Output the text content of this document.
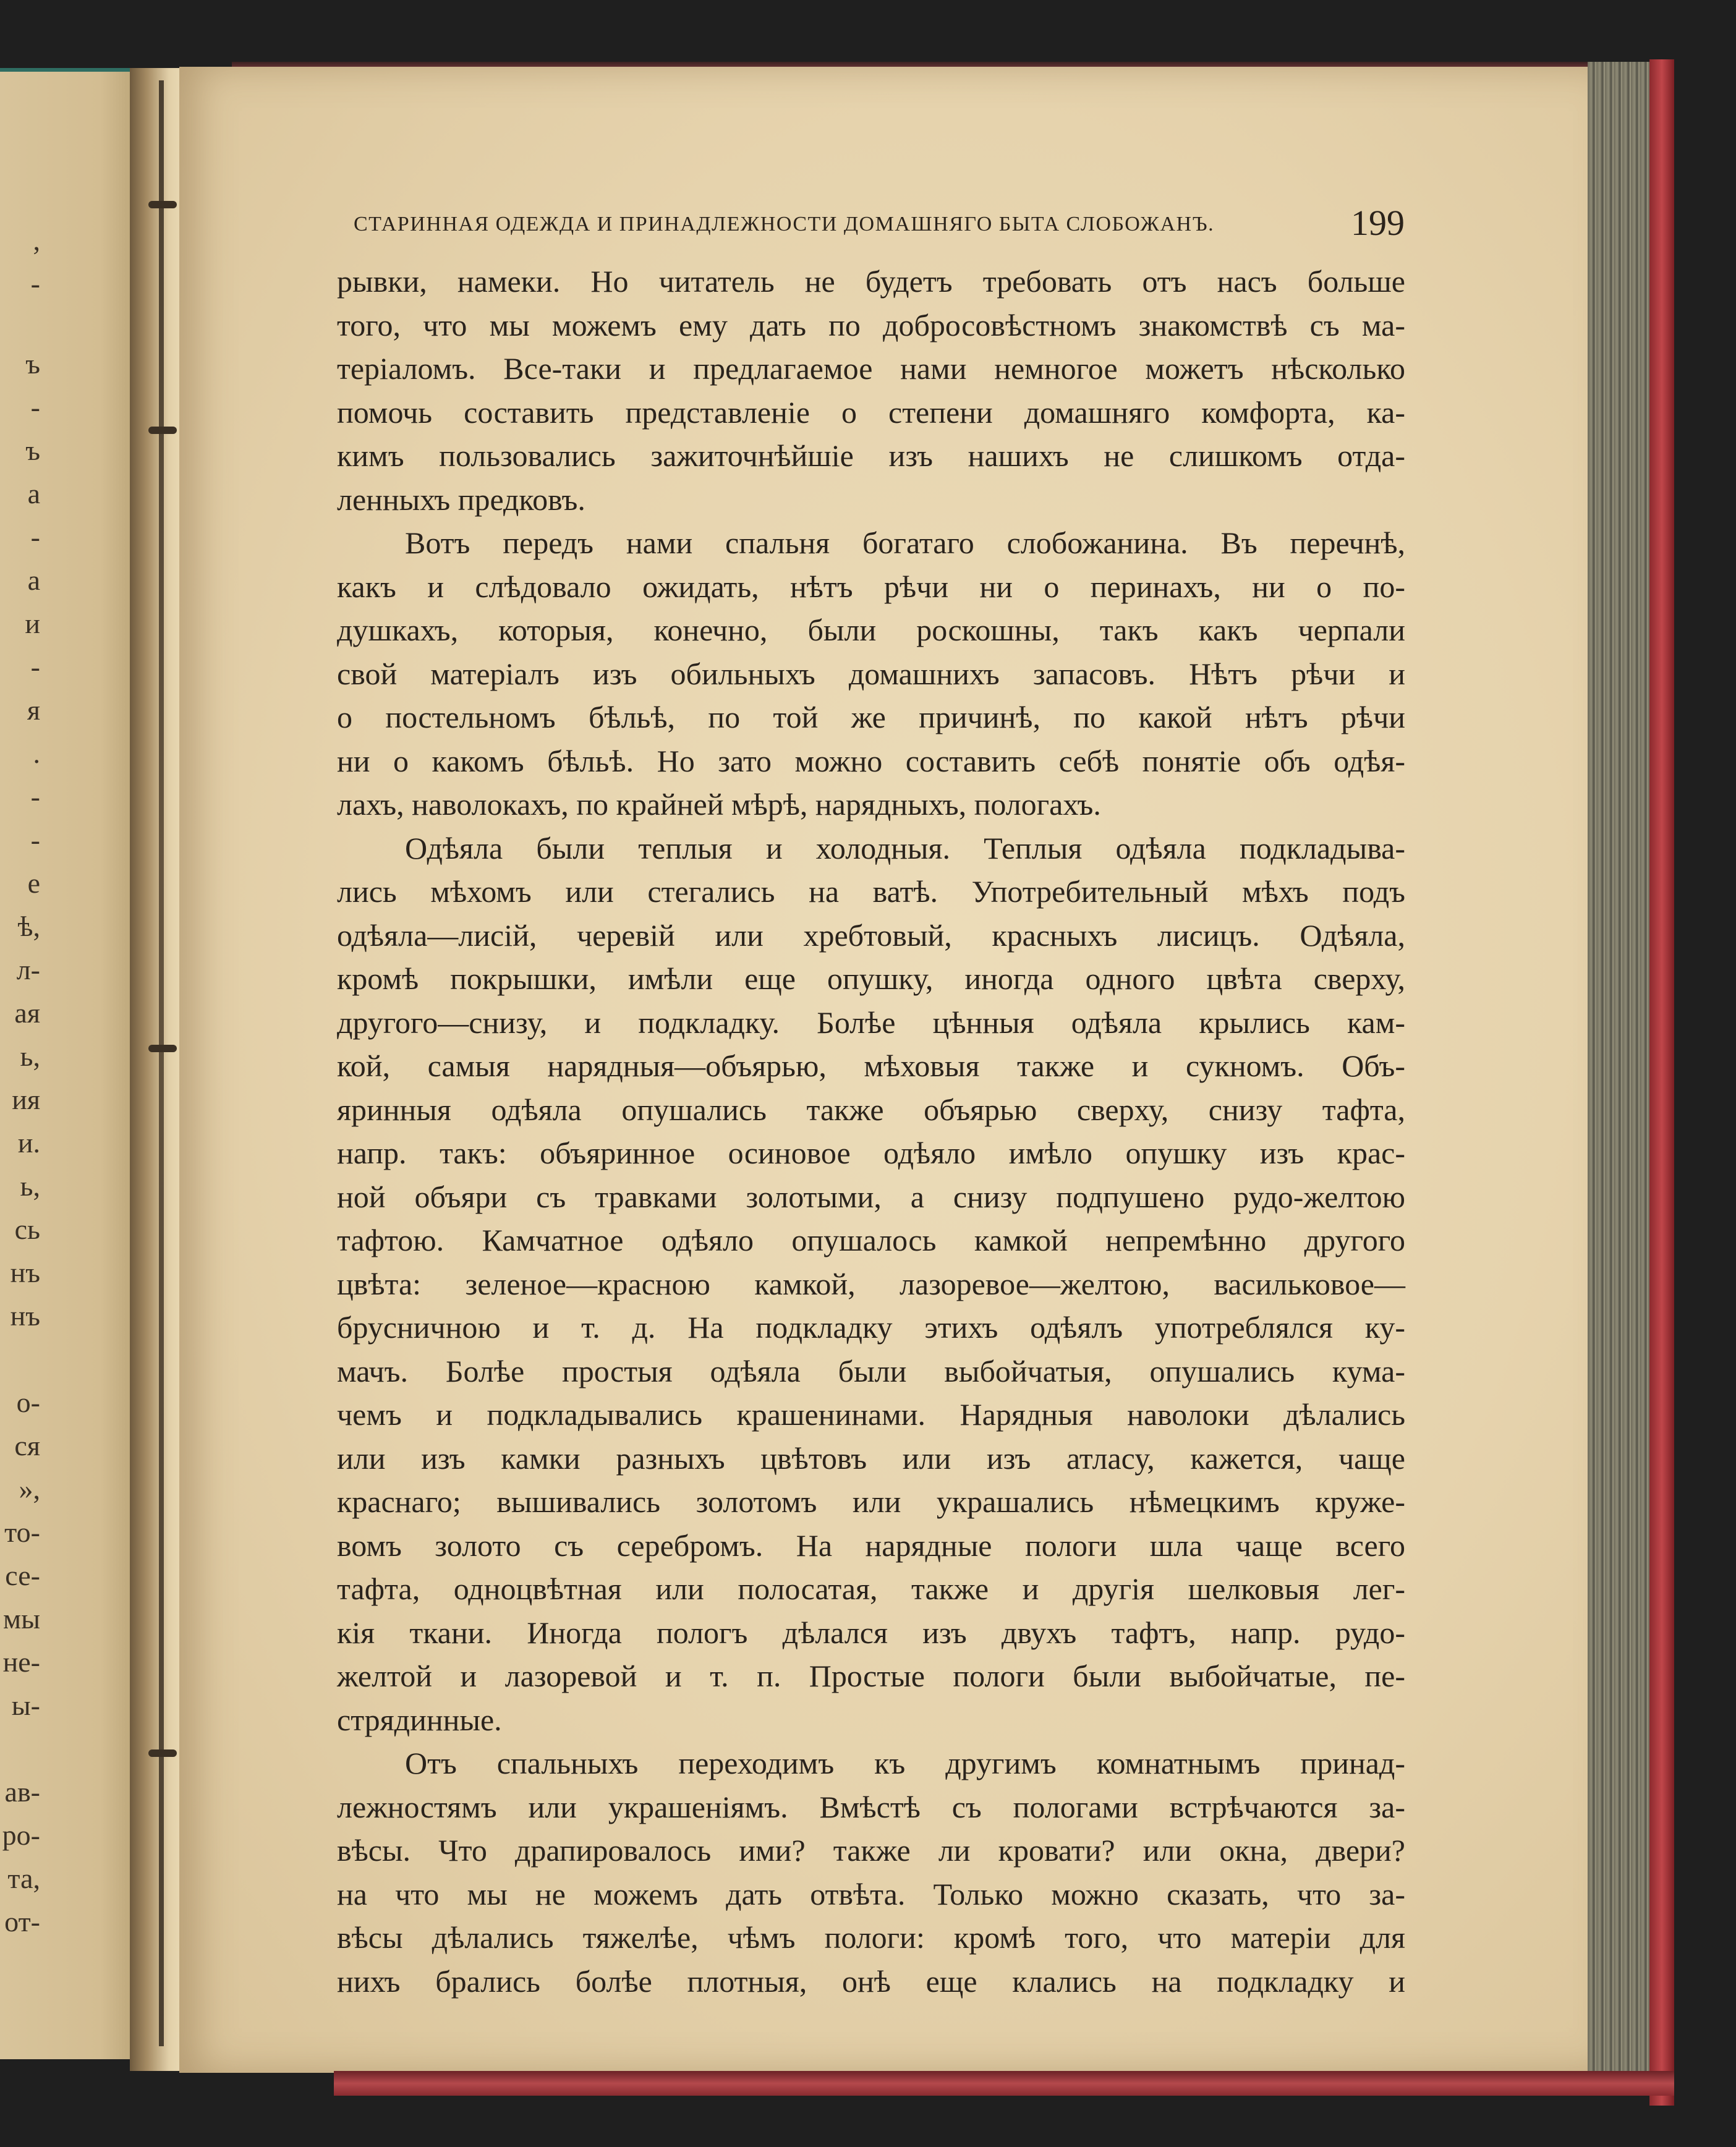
,
-
ъ
-
ъ
а
-
а
и
-
я
.
-
-
е
ѣ,
л-
ая
ь,
ия
и.
ь,
сь
нъ
нъ
о-
ся
»,
то-
се-
мы
не-
ы-
ав-
ро-
та,
от-
СТАРИННАЯ ОДЕЖДА И ПРИНАДЛЕЖНОСТИ ДОМАШНЯГО БЫТА СЛОБОЖАНЪ.	199
рывки, намеки. Но читатель не будетъ требовать отъ насъ больше
того, что мы можемъ ему дать по добросовѣстномъ знакомствѣ съ ма-
теріаломъ. Все-таки и предлагаемое нами немногое можетъ нѣсколько
помочь составить представленіе о степени домашняго комфорта, ка-
кимъ пользовались зажиточнѣйшіе изъ нашихъ не слишкомъ отда-
ленныхъ предковъ.
Вотъ передъ нами спальня богатаго слобожанина. Въ перечнѣ,
какъ и слѣдовало ожидать, нѣтъ рѣчи ни о перинахъ, ни о по-
душкахъ, которыя, конечно, были роскошны, такъ какъ черпали
свой матеріалъ изъ обильныхъ домашнихъ запасовъ. Нѣтъ рѣчи и
о постельномъ бѣльѣ, по той же причинѣ, по какой нѣтъ рѣчи
ни о какомъ бѣльѣ. Но зато можно составить себѣ понятіе объ одѣя-
лахъ, наволокахъ, по крайней мѣрѣ, нарядныхъ, пологахъ.
Одѣяла были теплыя и холодныя. Теплыя одѣяла подкладыва-
лись мѣхомъ или стегались на ватѣ. Употребительный мѣхъ подъ
одѣяла—лисій, черевій или хребтовый, красныхъ лисицъ. Одѣяла,
кромѣ покрышки, имѣли еще опушку, иногда одного цвѣта сверху,
другого—снизу, и подкладку. Болѣе цѣнныя одѣяла крылись кам-
кой, самыя нарядныя—объярью, мѣховыя также и сукномъ. Объ-
яринныя одѣяла опушались также объярью сверху, снизу тафта,
напр. такъ: объяринное осиновое одѣяло имѣло опушку изъ крас-
ной объяри съ травками золотыми, а снизу подпушено рудо-желтою
тафтою. Камчатное одѣяло опушалось камкой непремѣнно другого
цвѣта: зеленое—красною камкой, лазоревое—желтою, васильковое—
брусничною и т. д. На подкладку этихъ одѣялъ употреблялся ку-
мачъ. Болѣе простыя одѣяла были выбойчатыя, опушались кума-
чемъ и подкладывались крашенинами. Нарядныя наволоки дѣлались
или изъ камки разныхъ цвѣтовъ или изъ атласу, кажется, чаще
краснаго; вышивались золотомъ или украшались нѣмецкимъ круже-
вомъ золото съ серебромъ. На нарядные пологи шла чаще всего
тафта, одноцвѣтная или полосатая, также и другія шелковыя лег-
кія ткани. Иногда пологъ дѣлался изъ двухъ тафтъ, напр. рудо-
желтой и лазоревой и т. п. Простые пологи были выбойчатые, пе-
стрядинные.
Отъ спальныхъ переходимъ къ другимъ комнатнымъ принад-
лежностямъ или украшеніямъ. Вмѣстѣ съ пологами встрѣчаются за-
вѣсы. Что драпировалось ими? также ли кровати? или окна, двери?
на что мы не можемъ дать отвѣта. Только можно сказать, что за-
вѣсы дѣлались тяжелѣе, чѣмъ пологи: кромѣ того, что матеріи для
нихъ брались болѣе плотныя, онѣ еще клались на подкладку и
